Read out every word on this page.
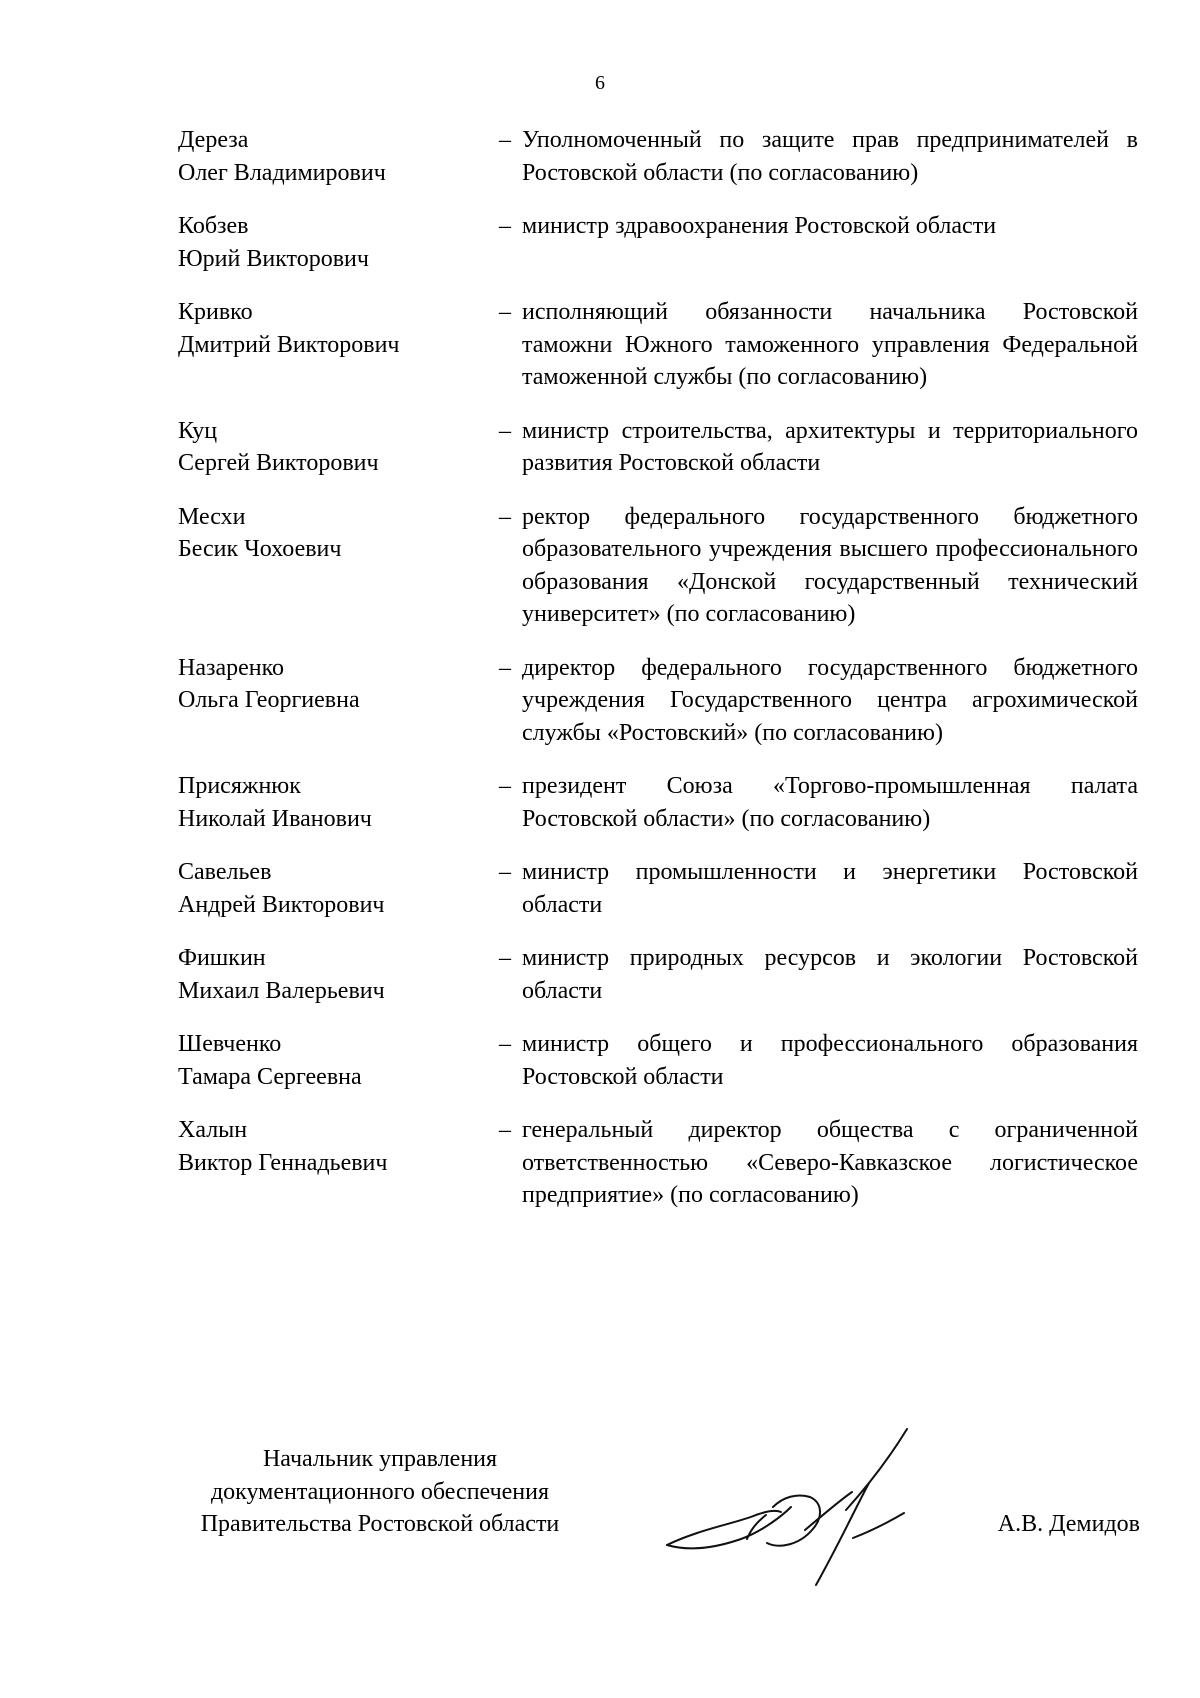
6
Дереза
Олег Владимирович
– Уполномоченный по защите прав предпринимателей в Ростовской области (по согласованию)
Кобзев
Юрий Викторович
– министр здравоохранения Ростовской области
Кривко
Дмитрий Викторович
– исполняющий обязанности начальника Ростовской таможни Южного таможенного управления Федеральной таможенной службы (по согласованию)
Куц
Сергей Викторович
– министр строительства, архитектуры и территориального развития Ростовской области
Месхи
Бесик Чохоевич
– ректор федерального государственного бюджетного образовательного учреждения высшего профессионального образования «Донской государственный технический университет» (по согласованию)
Назаренко
Ольга Георгиевна
– директор федерального государственного бюджетного учреждения Государственного центра агрохимической службы «Ростовский» (по согласованию)
Присяжнюк
Николай Иванович
– президент Союза «Торгово-промышленная палата Ростовской области» (по согласованию)
Савельев
Андрей Викторович
– министр промышленности и энергетики Ростовской области
Фишкин
Михаил Валерьевич
– министр природных ресурсов и экологии Ростовской области
Шевченко
Тамара Сергеевна
– министр общего и профессионального образования Ростовской области
Халын
Виктор Геннадьевич
– генеральный директор общества с ограниченной ответственностью «Северо-Кавказское логистическое предприятие» (по согласованию)
Начальник управления
документационного обеспечения
Правительства Ростовской области	А.В. Демидов
